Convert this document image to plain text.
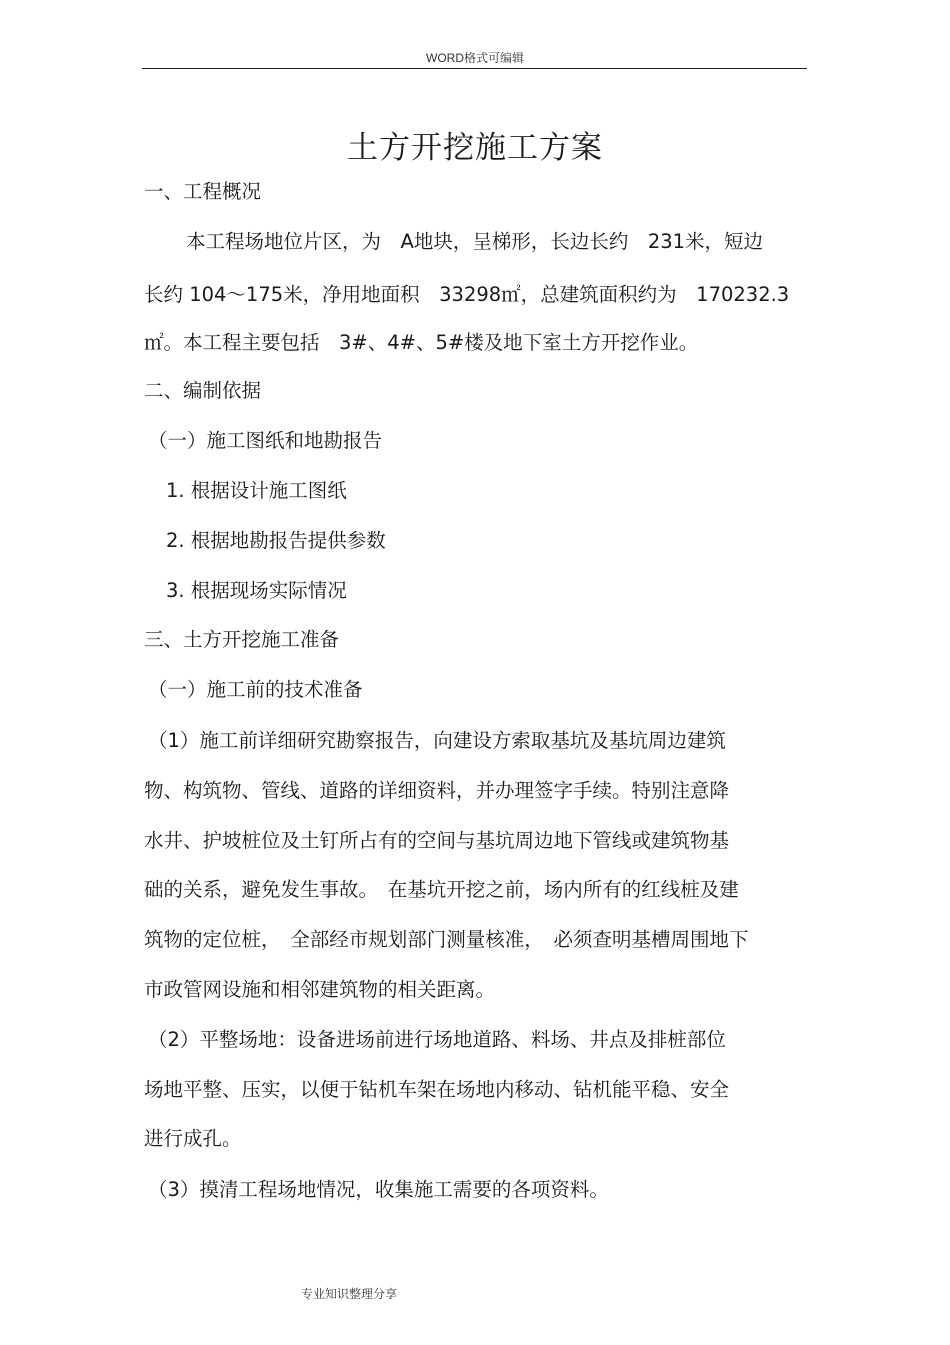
WORD格式可编辑
土方开挖施工方案
一、工程概况
本工程场地位片区，为　A地块，呈梯形，长边长约　231米，短边
长约 104～175米，净用地面积　33298㎡，总建筑面积约为　170232.3
㎡。本工程主要包括　3#、4#、5#楼及地下室土方开挖作业。
二、编制依据
（一）施工图纸和地勘报告
1. 根据设计施工图纸
2. 根据地勘报告提供参数
3. 根据现场实际情况
三、土方开挖施工准备
（一）施工前的技术准备
（1）施工前详细研究勘察报告，向建设方索取基坑及基坑周边建筑
物、构筑物、管线、道路的详细资料，并办理签字手续。特别注意降
水井、护坡桩位及土钉所占有的空间与基坑周边地下管线或建筑物基
础的关系，避免发生事故。　在基坑开挖之前，场内所有的红线桩及建
筑物的定位桩，　全部经市规划部门测量核准，　必须查明基槽周围地下
市政管网设施和相邻建筑物的相关距离。
（2）平整场地：设备进场前进行场地道路、料场、井点及排桩部位
场地平整、压实，以便于钻机车架在场地内移动、钻机能平稳、安全
进行成孔。
（3）摸清工程场地情况，收集施工需要的各项资料。
专业知识整理分享
